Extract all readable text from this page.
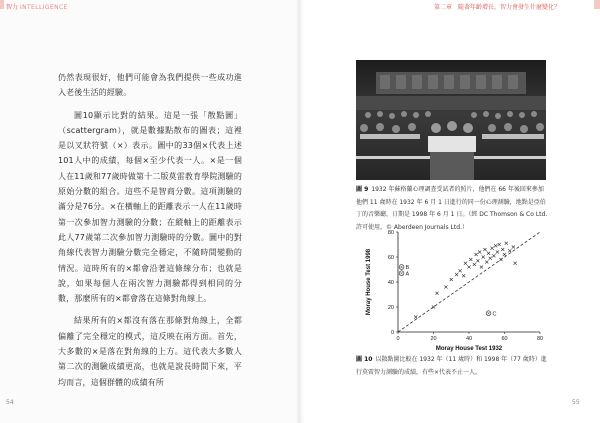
智力 INTELLIGENCE	第二章　隨著年齡增長，智力會發生什麼變化？

仍然表現很好，他們可能會為我們提供一些成功進入老後生活的經驗。

圖10顯示比對的結果。這是一張「散點圖」（scattergram），就是數據點散布的圖表；這裡是以叉狀符號（×）表示。圖中的33個×代表上述101人中的成績，每個×至少代表一人。×是一個人在11歲和77歲時做第十二版莫雷教育學院測驗的原始分數的組合。這些不是智商分數。這項測驗的滿分是76分。×在橫軸上的距離表示一人在11歲時第一次參加智力測驗的分數；在縱軸上的距離表示此人77歲第二次參加智力測驗時的分數。圖中的對角線代表智力測驗分數完全穩定，不隨時間變動的情況。這時所有的×都會沿著這條線分布；也就是說，如果每個人在兩次智力測驗都得到相同的分數，那麼所有的×都會落在這條對角線上。

結果所有的×都沒有落在那條對角線上，全都偏離了完全穩定的模式，這反映在兩方面。首先，大多數的×是落在對角線的上方。這代表大多數人第二次的測驗成績更高，也就是說長時間下來，平均而言，這個群體的成績有所

54	55
圖 9 1932 年蘇格蘭心理調查受試者的照片，他們在 66 年後回來參加他們 11 歲時在 1932 年 6 月 1 日進行的同一份心理測驗，地點是亞伯丁的音樂廳，日期是 1998 年 6 月 1 日。（經 DC Thomson & Co Ltd. 許可使用，© Aberdeen Journals Ltd.）
0	20	40	60	80
0
20
40
60
80
A
B
C
Moray House Test 1932
Moray House Test 1998
圖 10 以散點圖比較在 1932 年（11 歲時）和 1998 年（77 歲時）進行莫雷智力測驗的成績，有些×代表不止一人。
